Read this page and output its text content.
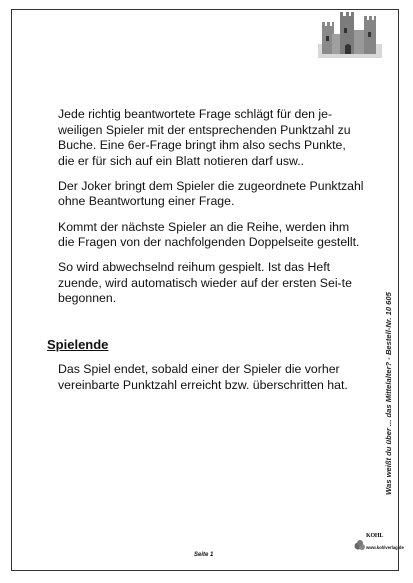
Jede richtig beantwortete Frage schlägt für den je-weiligen Spieler mit der entsprechenden Punktzahl zu Buche. Eine 6er-Frage bringt ihm also sechs Punkte, die er für sich auf ein Blatt notieren darf usw..

Der Joker bringt dem Spieler die zugeordnete Punktzahl ohne Beantwortung einer Frage.

Kommt der nächste Spieler an die Reihe, werden ihm die Fragen von der nachfolgenden Doppelseite gestellt.

So wird abwechselnd reihum gespielt. Ist das Heft zuende, wird automatisch wieder auf der ersten Sei-te begonnen.

Spielende

Das Spiel endet, sobald einer der Spieler die vorher vereinbarte Punktzahl erreicht bzw. überschritten hat.	Was weißt du über ... das Mittelalter? - Bestell-Nr. 10 605
KOHL
www.kohlverlag.de
Seite 1
